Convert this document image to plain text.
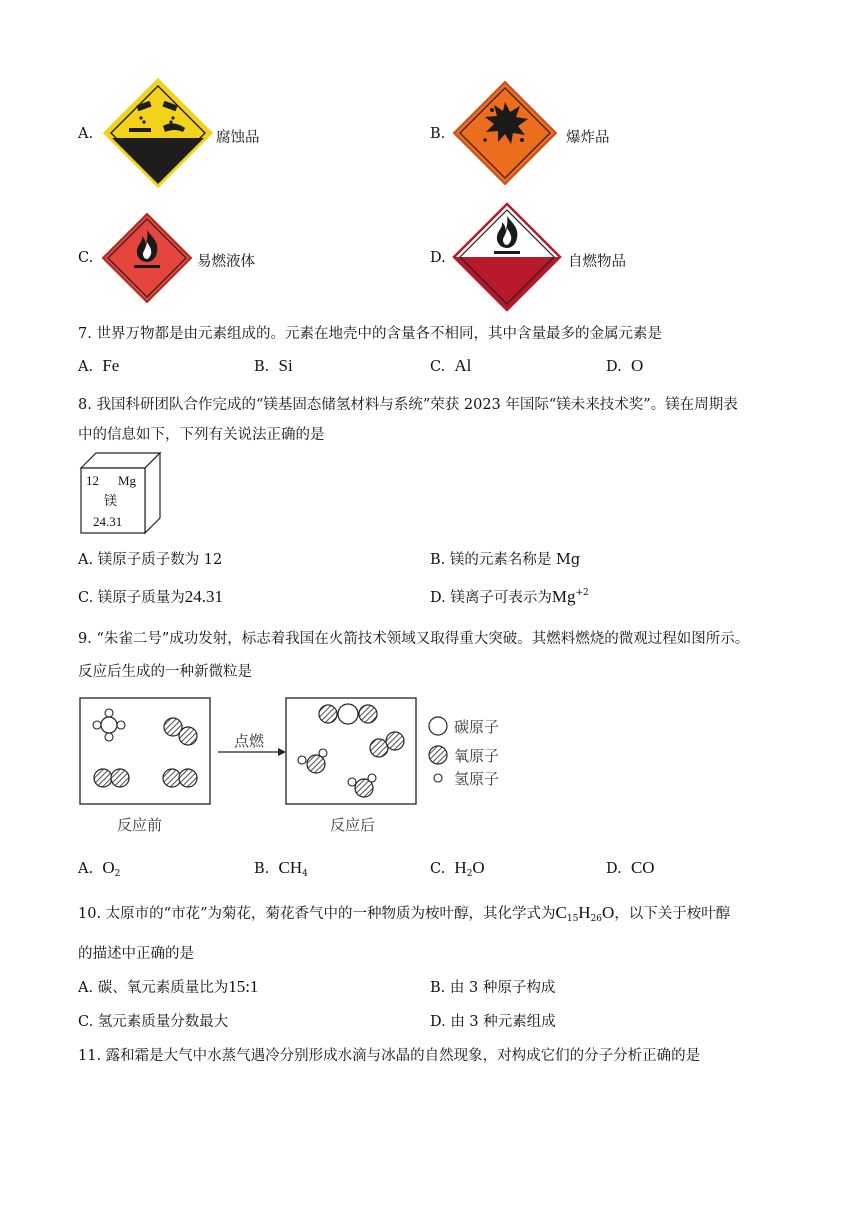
A.	腐蚀品	B.	爆炸品
C.	易燃液体	D.	自燃物品
7. 世界万物都是由元素组成的。元素在地壳中的含量各不相同，其中含量最多的金属元素是
A. Fe	B. Si	C. Al	D. O
8. 我国科研团队合作完成的“镁基固态储氢材料与系统”荣获 2023 年国际“镁未来技术奖”。镁在周期表
中的信息如下，下列有关说法正确的是
12 Mg
镁
24.31
A. 镁原子质子数为 12	B. 镁的元素名称是 Mg
C. 镁原子质量为24.31	D. 镁离子可表示为$Mg^{+2}$
9. “朱雀二号”成功发射，标志着我国在火箭技术领域又取得重大突破。其燃料燃烧的微观过程如图所示。
反应后生成的一种新微粒是
点燃
反应前	反应后
碳原子
氧原子
氢原子
A. $O_2$	B. $CH_4$	C. $H_2O$	D. CO
10. 太原市的“市花”为菊花，菊花香气中的一种物质为桉叶醇，其化学式为$C_{15}H_{26}O$，以下关于桉叶醇
的描述中正确的是
A. 碳、氧元素质量比为15:1	B. 由 3 种原子构成
C. 氢元素质量分数最大	D. 由 3 种元素组成
11. 露和霜是大气中水蒸气遇冷分别形成水滴与冰晶的自然现象，对构成它们的分子分析正确的是
